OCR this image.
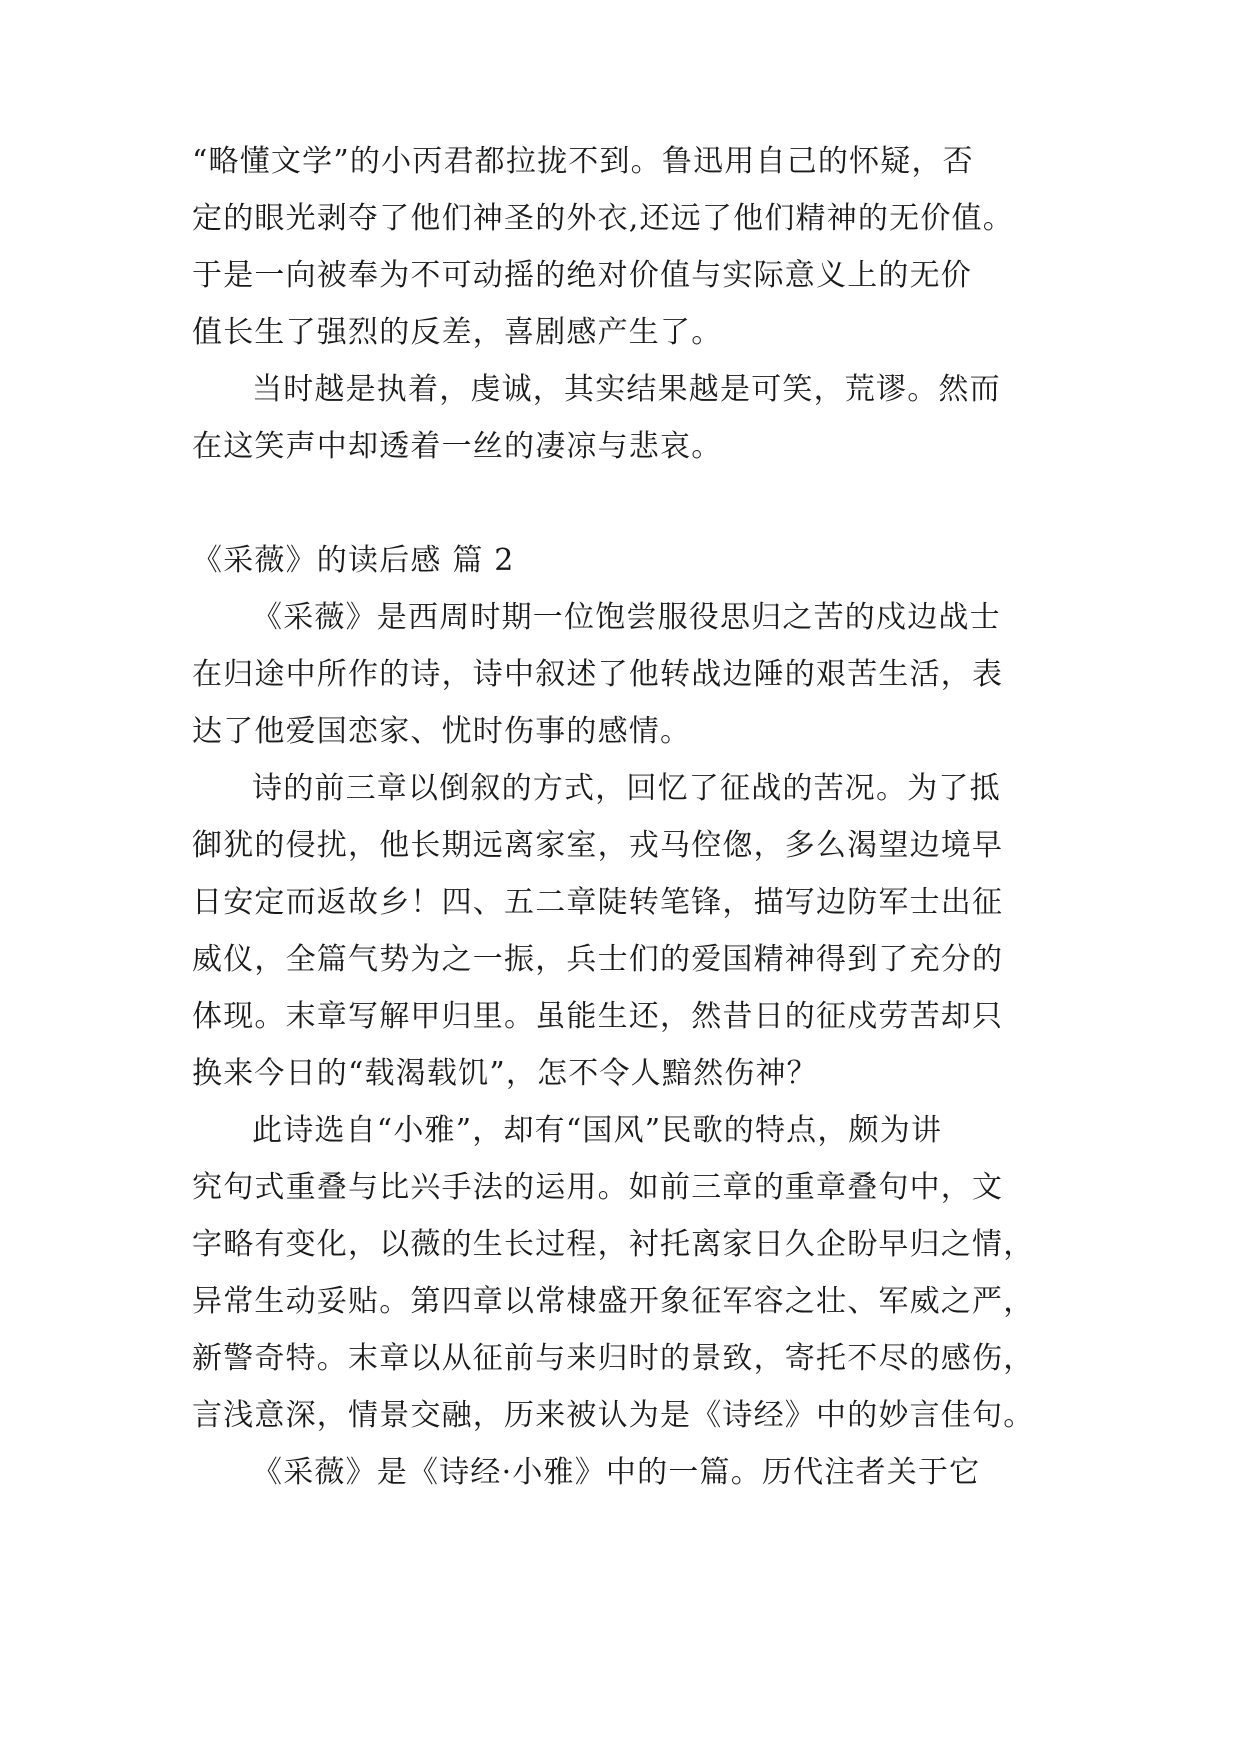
“略懂文学”的小丙君都拉拢不到。鲁迅用自己的怀疑，否
定的眼光剥夺了他们神圣的外衣,还远了他们精神的无价值。
于是一向被奉为不可动摇的绝对价值与实际意义上的无价
值长生了强烈的反差，喜剧感产生了。
当时越是执着，虔诚，其实结果越是可笑，荒谬。然而
在这笑声中却透着一丝的凄凉与悲哀。
《采薇》的读后感 篇 2
《采薇》是西周时期一位饱尝服役思归之苦的戍边战士
在归途中所作的诗，诗中叙述了他转战边陲的艰苦生活，表
达了他爱国恋家、忧时伤事的感情。
诗的前三章以倒叙的方式，回忆了征战的苦况。为了抵
御犹的侵扰，他长期远离家室，戎马倥偬，多么渴望边境早
日安定而返故乡！四、五二章陡转笔锋，描写边防军士出征
威仪，全篇气势为之一振，兵士们的爱国精神得到了充分的
体现。末章写解甲归里。虽能生还，然昔日的征戍劳苦却只
换来今日的“载渴载饥”，怎不令人黯然伤神？
此诗选自“小雅”，却有“国风”民歌的特点，颇为讲
究句式重叠与比兴手法的运用。如前三章的重章叠句中，文
字略有变化，以薇的生长过程，衬托离家日久企盼早归之情，
异常生动妥贴。第四章以常棣盛开象征军容之壮、军威之严，
新警奇特。末章以从征前与来归时的景致，寄托不尽的感伤，
言浅意深，情景交融，历来被认为是《诗经》中的妙言佳句。
《采薇》是《诗经·小雅》中的一篇。历代注者关于它
